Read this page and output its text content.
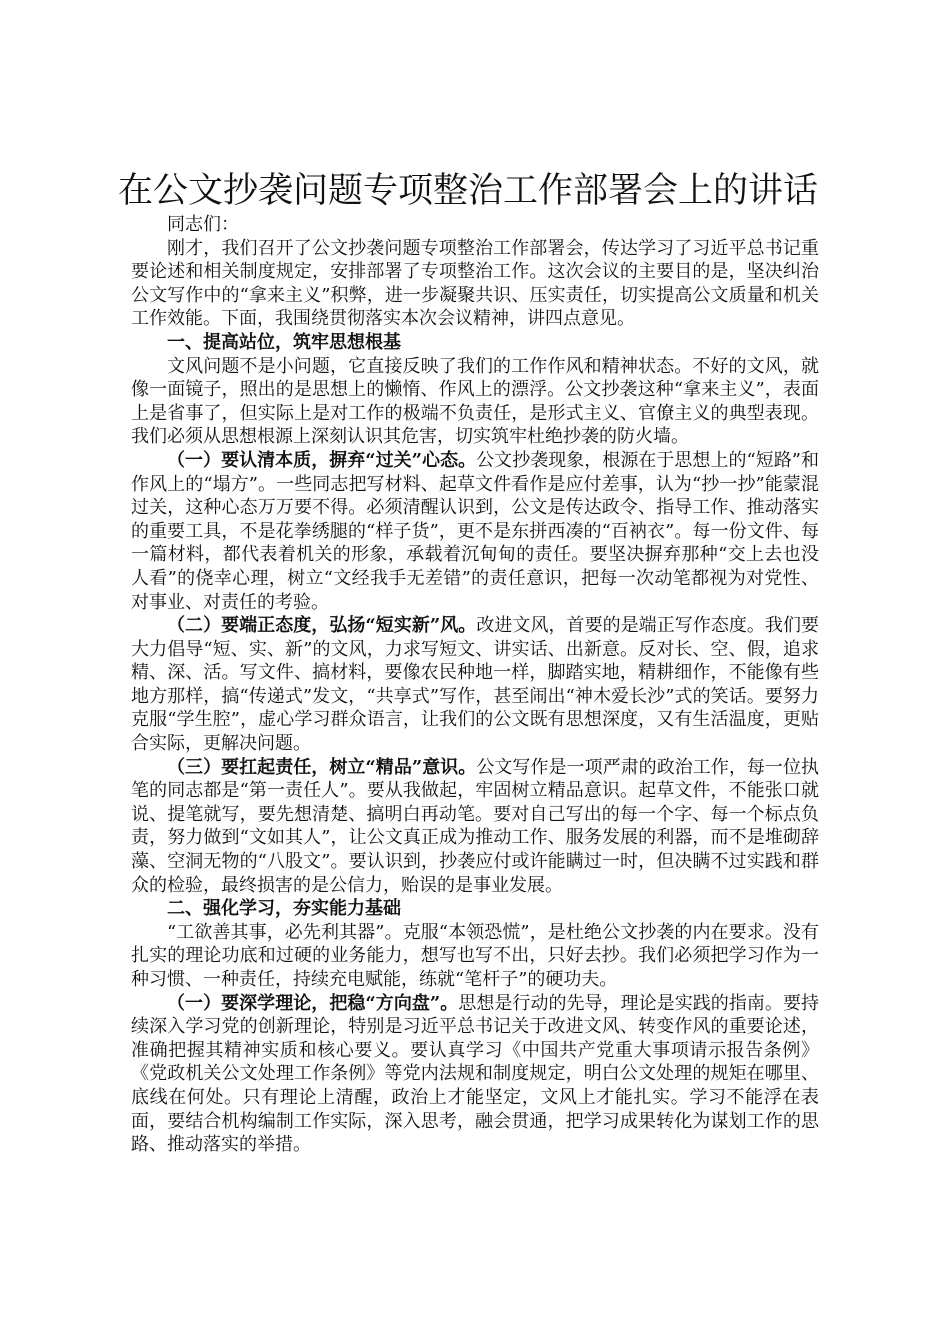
在公文抄袭问题专项整治工作部署会上的讲话

同志们：

刚才，我们召开了公文抄袭问题专项整治工作部署会，传达学习了习近平总书记重要论述和相关制度规定，安排部署了专项整治工作。这次会议的主要目的是，坚决纠治公文写作中的“拿来主义”积弊，进一步凝聚共识、压实责任，切实提高公文质量和机关工作效能。下面，我围绕贯彻落实本次会议精神，讲四点意见。

一、提高站位，筑牢思想根基

文风问题不是小问题，它直接反映了我们的工作作风和精神状态。不好的文风，就像一面镜子，照出的是思想上的懒惰、作风上的漂浮。公文抄袭这种“拿来主义”，表面上是省事了，但实际上是对工作的极端不负责任，是形式主义、官僚主义的典型表现。我们必须从思想根源上深刻认识其危害，切实筑牢杜绝抄袭的防火墙。

（一）要认清本质，摒弃“过关”心态。公文抄袭现象，根源在于思想上的“短路”和作风上的“塌方”。一些同志把写材料、起草文件看作是应付差事，认为“抄一抄”能蒙混过关，这种心态万万要不得。必须清醒认识到，公文是传达政令、指导工作、推动落实的重要工具，不是花拳绣腿的“样子货”，更不是东拼西凑的“百衲衣”。每一份文件、每一篇材料，都代表着机关的形象，承载着沉甸甸的责任。要坚决摒弃那种“交上去也没人看”的侥幸心理，树立“文经我手无差错”的责任意识，把每一次动笔都视为对党性、对事业、对责任的考验。

（二）要端正态度，弘扬“短实新”风。改进文风，首要的是端正写作态度。我们要大力倡导“短、实、新”的文风，力求写短文、讲实话、出新意。反对长、空、假，追求精、深、活。写文件、搞材料，要像农民种地一样，脚踏实地，精耕细作，不能像有些地方那样，搞“传递式”发文，“共享式”写作，甚至闹出“神木爱长沙”式的笑话。要努力克服“学生腔”，虚心学习群众语言，让我们的公文既有思想深度，又有生活温度，更贴合实际，更解决问题。

（三）要扛起责任，树立“精品”意识。公文写作是一项严肃的政治工作，每一位执笔的同志都是“第一责任人”。要从我做起，牢固树立精品意识。起草文件，不能张口就说、提笔就写，要先想清楚、搞明白再动笔。要对自己写出的每一个字、每一个标点负责，努力做到“文如其人”，让公文真正成为推动工作、服务发展的利器，而不是堆砌辞藻、空洞无物的“八股文”。要认识到，抄袭应付或许能瞒过一时，但决瞒不过实践和群众的检验，最终损害的是公信力，贻误的是事业发展。

二、强化学习，夯实能力基础

“工欲善其事，必先利其器”。克服“本领恐慌”，是杜绝公文抄袭的内在要求。没有扎实的理论功底和过硬的业务能力，想写也写不出，只好去抄。我们必须把学习作为一种习惯、一种责任，持续充电赋能，练就“笔杆子”的硬功夫。

（一）要深学理论，把稳“方向盘”。思想是行动的先导，理论是实践的指南。要持续深入学习党的创新理论，特别是习近平总书记关于改进文风、转变作风的重要论述，准确把握其精神实质和核心要义。要认真学习《中国共产党重大事项请示报告条例》《党政机关公文处理工作条例》等党内法规和制度规定，明白公文处理的规矩在哪里、底线在何处。只有理论上清醒，政治上才能坚定，文风上才能扎实。学习不能浮在表面，要结合机构编制工作实际，深入思考，融会贯通，把学习成果转化为谋划工作的思路、推动落实的举措。
